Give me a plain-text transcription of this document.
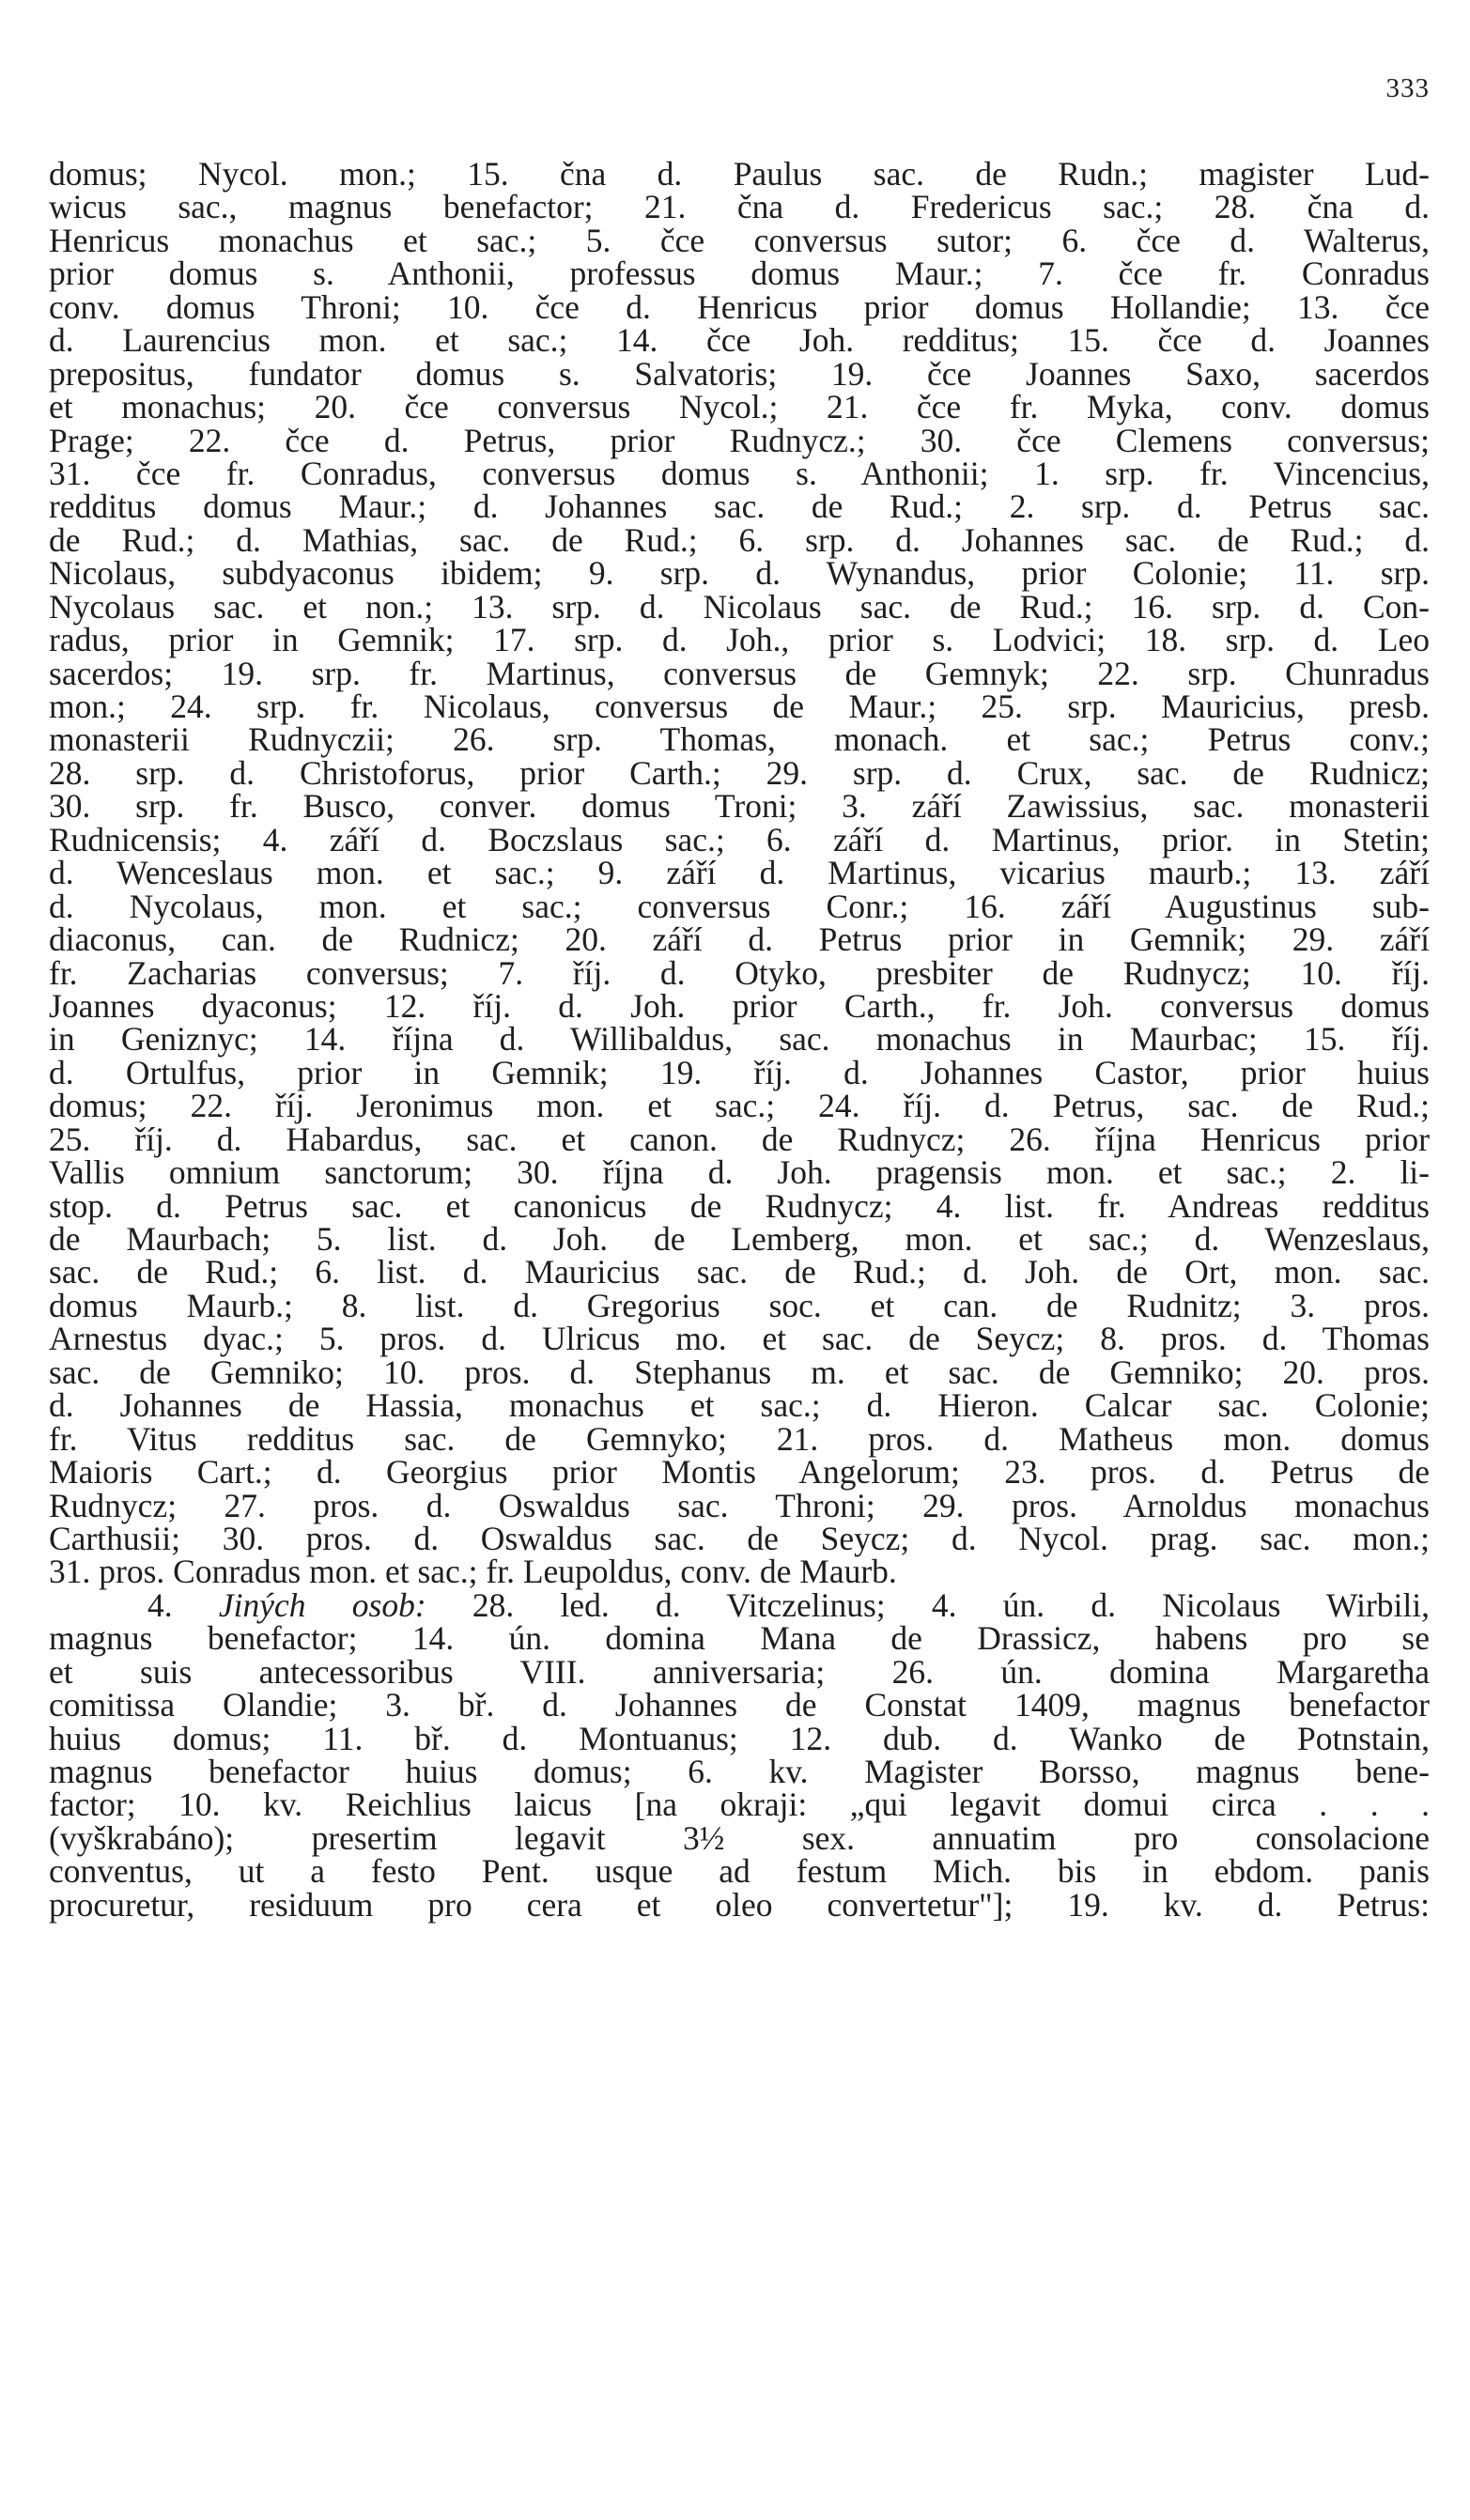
333
domus; Nycol. mon.; 15. čna d. Paulus sac. de Rudn.; magister Lud-
wicus sac., magnus benefactor; 21. čna d. Fredericus sac.; 28. čna d.
Henricus monachus et sac.; 5. čce conversus sutor; 6. čce d. Walterus,
prior domus s. Anthonii, professus domus Maur.; 7. čce fr. Conradus
conv. domus Throni; 10. čce d. Henricus prior domus Hollandie; 13. čce
d. Laurencius mon. et sac.; 14. čce Joh. redditus; 15. čce d. Joannes
prepositus, fundator domus s. Salvatoris; 19. čce Joannes Saxo, sacerdos
et monachus; 20. čce conversus Nycol.; 21. čce fr. Myka, conv. domus
Prage; 22. čce d. Petrus, prior Rudnycz.; 30. čce Clemens conversus;
31. čce fr. Conradus, conversus domus s. Anthonii; 1. srp. fr. Vincencius,
redditus domus Maur.; d. Johannes sac. de Rud.; 2. srp. d. Petrus sac.
de Rud.; d. Mathias, sac. de Rud.; 6. srp. d. Johannes sac. de Rud.; d.
Nicolaus, subdyaconus ibidem; 9. srp. d. Wynandus, prior Colonie; 11. srp.
Nycolaus sac. et non.; 13. srp. d. Nicolaus sac. de Rud.; 16. srp. d. Con-
radus, prior in Gemnik; 17. srp. d. Joh., prior s. Lodvici; 18. srp. d. Leo
sacerdos; 19. srp. fr. Martinus, conversus de Gemnyk; 22. srp. Chunradus
mon.; 24. srp. fr. Nicolaus, conversus de Maur.; 25. srp. Mauricius, presb.
monasterii Rudnyczii; 26. srp. Thomas, monach. et sac.; Petrus conv.;
28. srp. d. Christoforus, prior Carth.; 29. srp. d. Crux, sac. de Rudnicz;
30. srp. fr. Busco, conver. domus Troni; 3. září Zawissius, sac. monasterii
Rudnicensis; 4. září d. Boczslaus sac.; 6. září d. Martinus, prior. in Stetin;
d. Wenceslaus mon. et sac.; 9. září d. Martinus, vicarius maurb.; 13. září
d. Nycolaus, mon. et sac.; conversus Conr.; 16. září Augustinus sub-
diaconus, can. de Rudnicz; 20. září d. Petrus prior in Gemnik; 29. září
fr. Zacharias conversus; 7. říj. d. Otyko, presbiter de Rudnycz; 10. říj.
Joannes dyaconus; 12. říj. d. Joh. prior Carth., fr. Joh. conversus domus
in Geniznyc; 14. října d. Willibaldus, sac. monachus in Maurbac; 15. říj.
d. Ortulfus, prior in Gemnik; 19. říj. d. Johannes Castor, prior huius
domus; 22. říj. Jeronimus mon. et sac.; 24. říj. d. Petrus, sac. de Rud.;
25. říj. d. Habardus, sac. et canon. de Rudnycz; 26. října Henricus prior
Vallis omnium sanctorum; 30. října d. Joh. pragensis mon. et sac.; 2. li-
stop. d. Petrus sac. et canonicus de Rudnycz; 4. list. fr. Andreas redditus
de Maurbach; 5. list. d. Joh. de Lemberg, mon. et sac.; d. Wenzeslaus,
sac. de Rud.; 6. list. d. Mauricius sac. de Rud.; d. Joh. de Ort, mon. sac.
domus Maurb.; 8. list. d. Gregorius soc. et can. de Rudnitz; 3. pros.
Arnestus dyac.; 5. pros. d. Ulricus mo. et sac. de Seycz; 8. pros. d. Thomas
sac. de Gemniko; 10. pros. d. Stephanus m. et sac. de Gemniko; 20. pros.
d. Johannes de Hassia, monachus et sac.; d. Hieron. Calcar sac. Colonie;
fr. Vitus redditus sac. de Gemnyko; 21. pros. d. Matheus mon. domus
Maioris Cart.; d. Georgius prior Montis Angelorum; 23. pros. d. Petrus de
Rudnycz; 27. pros. d. Oswaldus sac. Throni; 29. pros. Arnoldus monachus
Carthusii; 30. pros. d. Oswaldus sac. de Seycz; d. Nycol. prag. sac. mon.;
31. pros. Conradus mon. et sac.; fr. Leupoldus, conv. de Maurb.
4. Jiných osob: 28. led. d. Vitczelinus; 4. ún. d. Nicolaus Wirbili,
magnus benefactor; 14. ún. domina Mana de Drassicz, habens pro se
et suis antecessoribus VIII. anniversaria; 26. ún. domina Margaretha
comitissa Olandie; 3. bř. d. Johannes de Constat 1409, magnus benefactor
huius domus; 11. bř. d. Montuanus; 12. dub. d. Wanko de Potnstain,
magnus benefactor huius domus; 6. kv. Magister Borsso, magnus bene-
factor; 10. kv. Reichlius laicus [na okraji: „qui legavit domui circa . . .
(vyškrabáno); presertim legavit 3½ sex. annuatim pro consolacione
conventus, ut a festo Pent. usque ad festum Mich. bis in ebdom. panis
procuretur, residuum pro cera et oleo convertetur"]; 19. kv. d. Petrus:
